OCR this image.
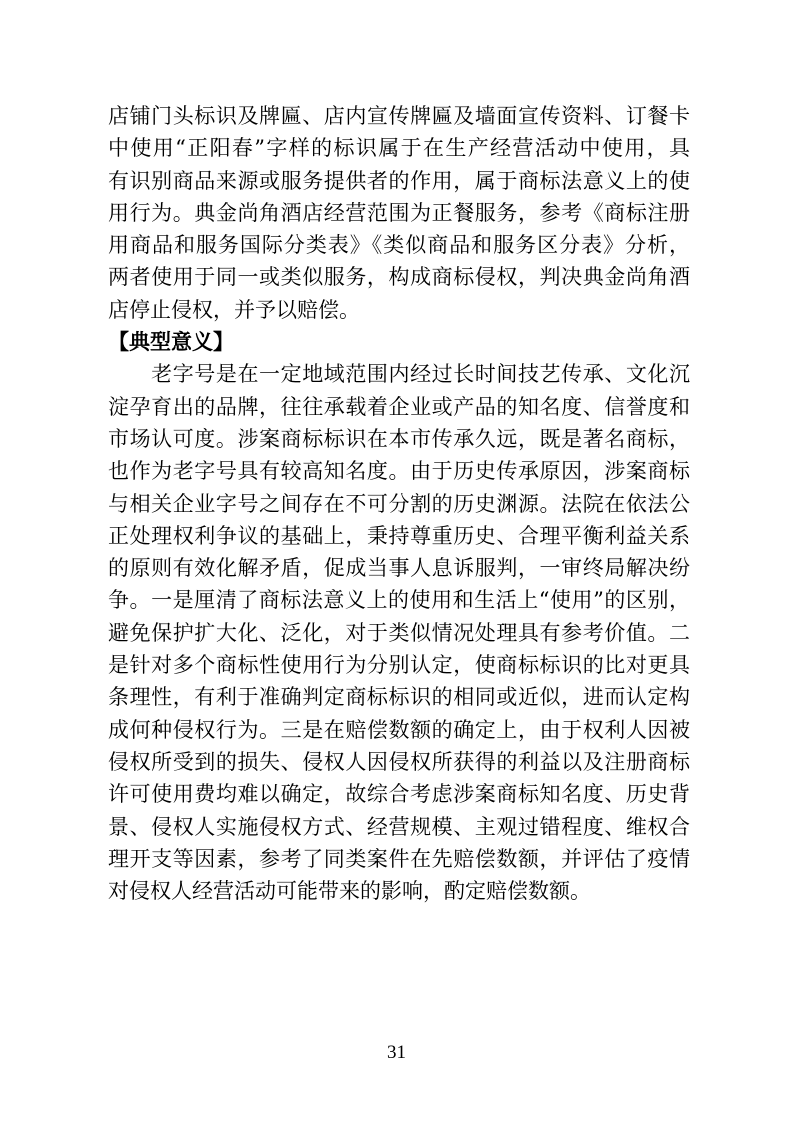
店铺门头标识及牌匾、店内宣传牌匾及墙面宣传资料、订餐卡
中使用“正阳春”字样的标识属于在生产经营活动中使用，具
有识别商品来源或服务提供者的作用，属于商标法意义上的使
用行为。典金尚角酒店经营范围为正餐服务，参考《商标注册
用商品和服务国际分类表》《类似商品和服务区分表》分析，
两者使用于同一或类似服务，构成商标侵权，判决典金尚角酒
店停止侵权，并予以赔偿。
【典型意义】
　　老字号是在一定地域范围内经过长时间技艺传承、文化沉
淀孕育出的品牌，往往承载着企业或产品的知名度、信誉度和
市场认可度。涉案商标标识在本市传承久远，既是著名商标，
也作为老字号具有较高知名度。由于历史传承原因，涉案商标
与相关企业字号之间存在不可分割的历史渊源。法院在依法公
正处理权利争议的基础上，秉持尊重历史、合理平衡利益关系
的原则有效化解矛盾，促成当事人息诉服判，一审终局解决纷
争。一是厘清了商标法意义上的使用和生活上“使用”的区别，
避免保护扩大化、泛化，对于类似情况处理具有参考价值。二
是针对多个商标性使用行为分别认定，使商标标识的比对更具
条理性，有利于准确判定商标标识的相同或近似，进而认定构
成何种侵权行为。三是在赔偿数额的确定上，由于权利人因被
侵权所受到的损失、侵权人因侵权所获得的利益以及注册商标
许可使用费均难以确定，故综合考虑涉案商标知名度、历史背
景、侵权人实施侵权方式、经营规模、主观过错程度、维权合
理开支等因素，参考了同类案件在先赔偿数额，并评估了疫情
对侵权人经营活动可能带来的影响，酌定赔偿数额。
31
